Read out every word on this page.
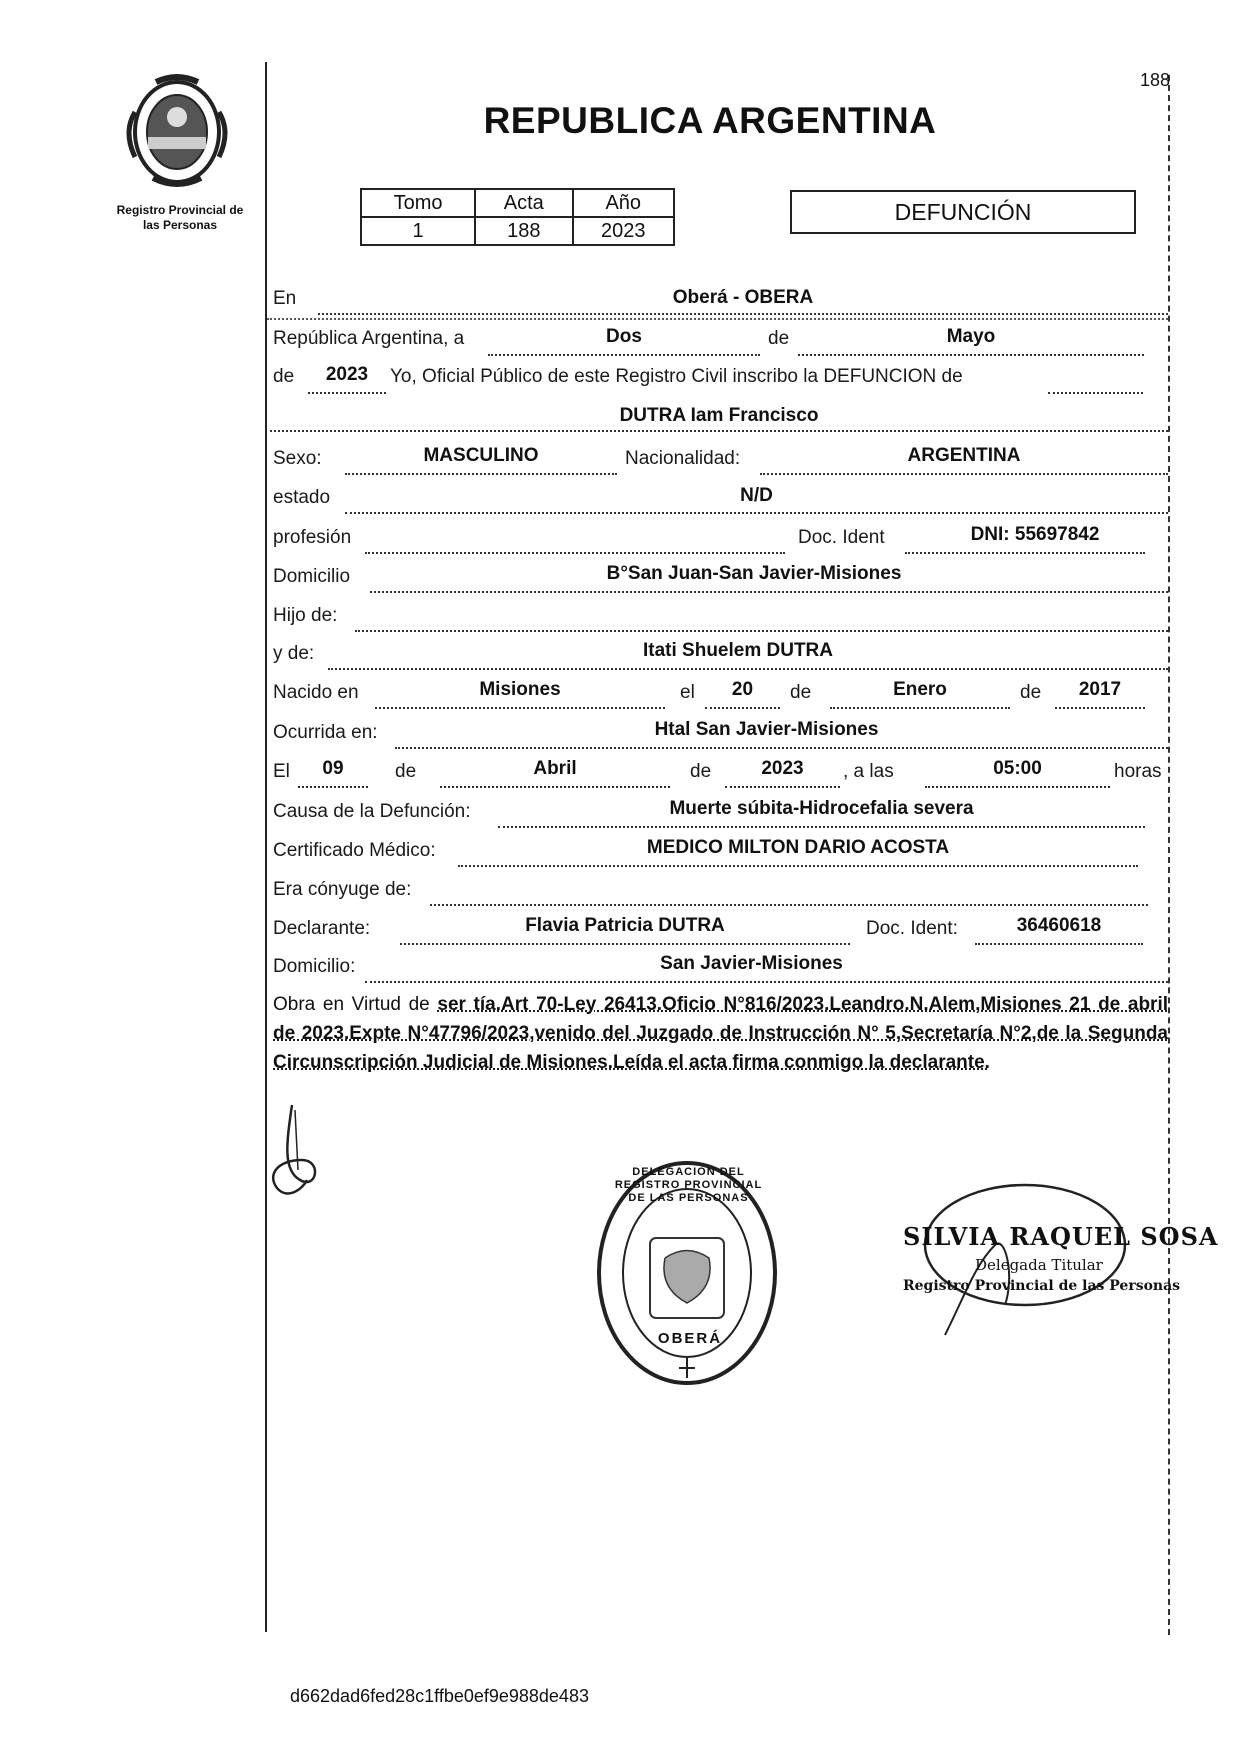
Registro Provincial de
las Personas
188
REPUBLICA ARGENTINA
Tomo	Acta	Año
1	188	2023
DEFUNCIÓN
En	Oberá - OBERA
República Argentina, a	Dos	de	Mayo
de	2023	Yo, Oficial Público de este Registro Civil inscribo la DEFUNCION de
DUTRA Iam Francisco
Sexo:	MASCULINO	Nacionalidad:	ARGENTINA
estado	N/D
profesión	Doc. Ident	DNI: 55697842
Domicilio	B°San Juan-San Javier-Misiones
Hijo de:
y de:	Itati Shuelem DUTRA
Nacido en	Misiones	el	20	de	Enero	de	2017
Ocurrida en:	Htal San Javier-Misiones
El	09	de	Abril	de	2023	, a las	05:00	horas
Causa de la Defunción:	Muerte súbita-Hidrocefalia severa
Certificado Médico:	MEDICO MILTON DARIO ACOSTA
Era cónyuge de:
Declarante:	Flavia Patricia DUTRA	Doc. Ident:	36460618
Domicilio:	San Javier-Misiones
Obra en Virtud de ser tía.Art 70-Ley 26413.Oficio N°816/2023.Leandro.N.Alem,Misiones 21 de abril de 2023.Expte N°47796/2023,venido del Juzgado de Instrucción N° 5,Secretaría N°2,de la Segunda Circunscripción Judicial de Misiones.Leída el acta firma conmigo la declarante.
DELEGACION DEL REGISTRO PROVINCIAL DE LAS PERSONAS
OBERÁ
SILVIA RAQUEL SOSA
Delegada Titular
Registro Provincial de las Personas
d662dad6fed28c1ffbe0ef9e988de483
